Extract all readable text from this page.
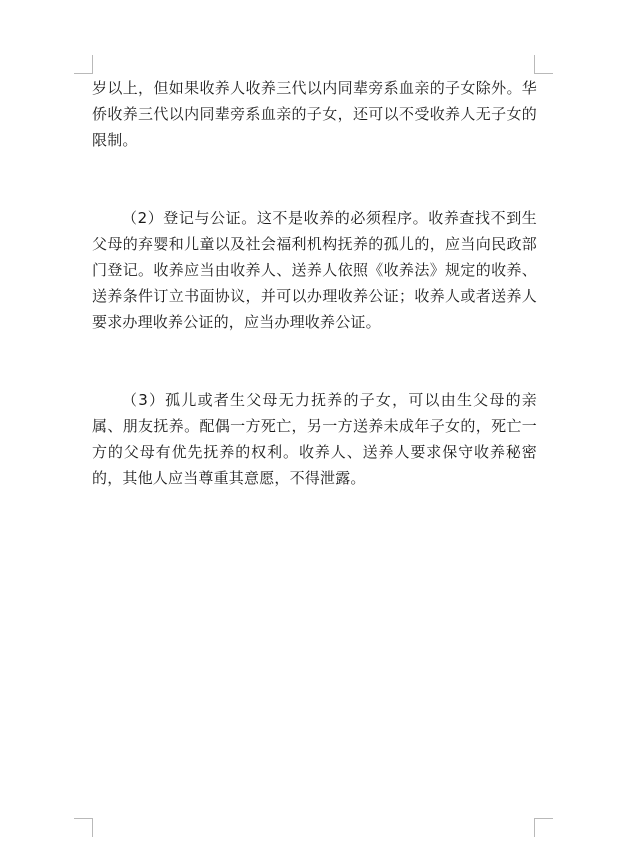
岁以上，但如果收养人收养三代以内同辈旁系血亲的子女除外。华侨收养三代以内同辈旁系血亲的子女，还可以不受收养人无子女的限制。

（2）登记与公证。这不是收养的必须程序。收养查找不到生父母的弃婴和儿童以及社会福利机构抚养的孤儿的，应当向民政部门登记。收养应当由收养人、送养人依照《收养法》规定的收养、送养条件订立书面协议，并可以办理收养公证；收养人或者送养人要求办理收养公证的，应当办理收养公证。

（3）孤儿或者生父母无力抚养的子女，可以由生父母的亲属、朋友抚养。配偶一方死亡，另一方送养未成年子女的，死亡一方的父母有优先抚养的权利。收养人、送养人要求保守收养秘密的，其他人应当尊重其意愿，不得泄露。
